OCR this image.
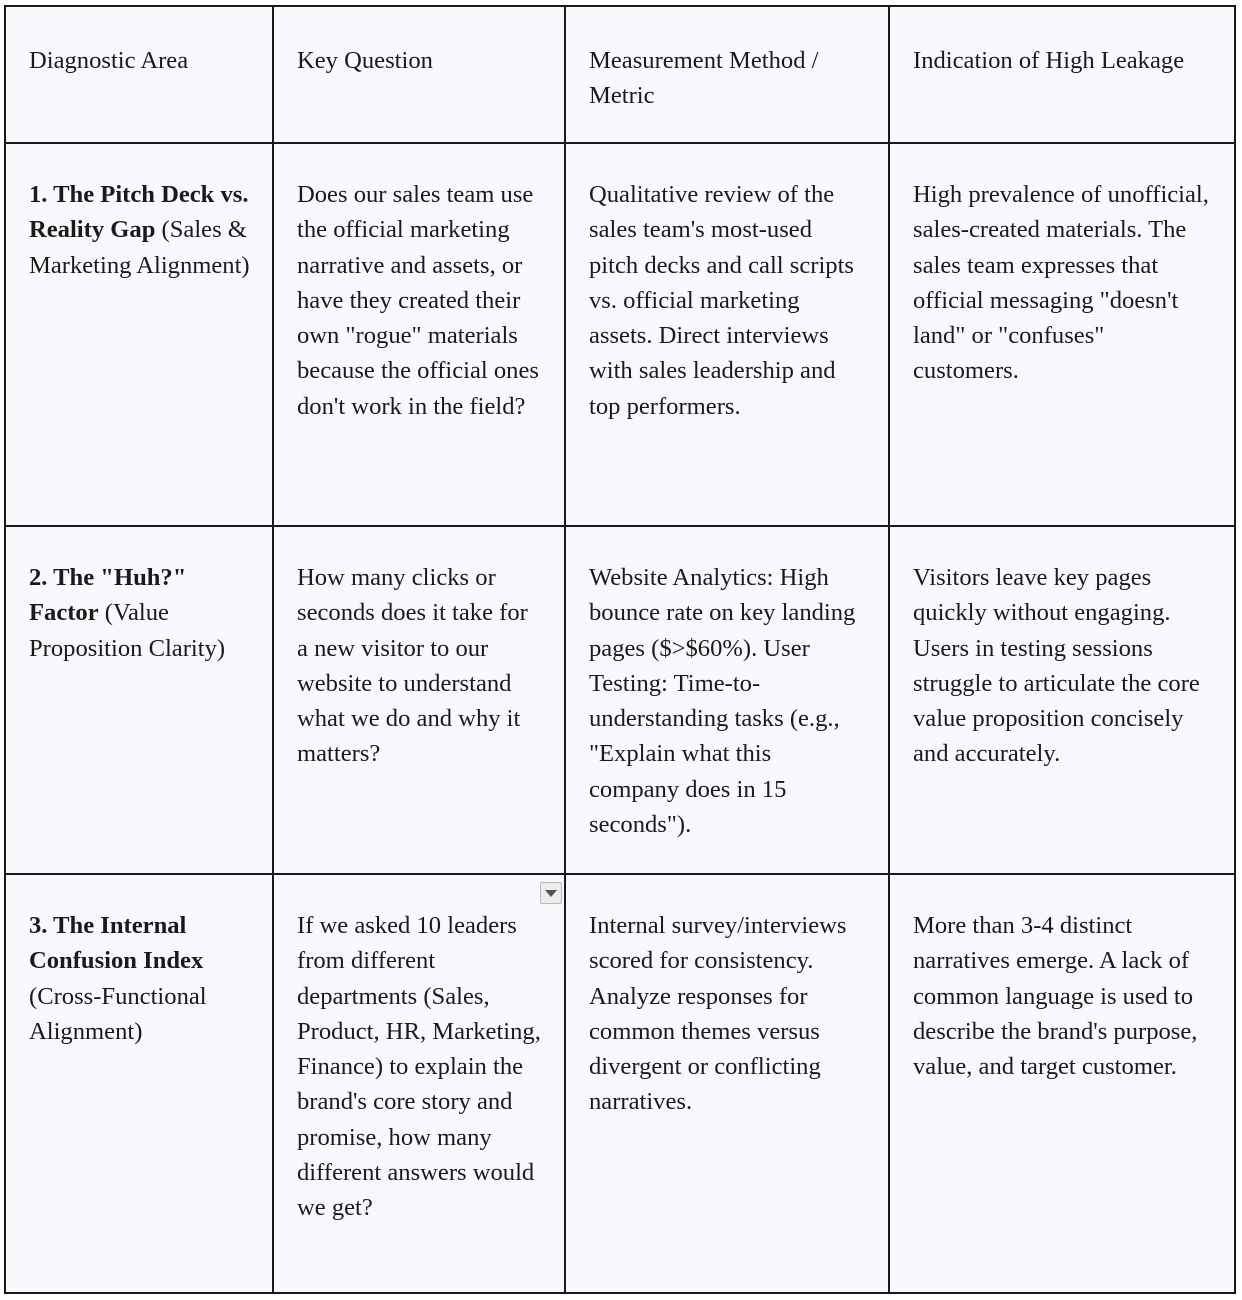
Diagnostic Area	Key Question	Measurement Method / Metric	Indication of High Leakage
1. The Pitch Deck vs. Reality Gap (Sales & Marketing Alignment)	Does our sales team use the official marketing narrative and assets, or have they created their own "rogue" materials because the official ones don't work in the field?	Qualitative review of the sales team's most-used pitch decks and call scripts vs. official marketing assets. Direct interviews with sales leadership and top performers.	High prevalence of unofficial, sales-created materials. The sales team expresses that official messaging "doesn't land" or "confuses" customers.
2. The "Huh?" Factor (Value Proposition Clarity)	How many clicks or seconds does it take for a new visitor to our website to understand what we do and why it matters?	Website Analytics: High bounce rate on key landing pages ($>$60%). User Testing: Time-to-understanding tasks (e.g., "Explain what this company does in 15 seconds").	Visitors leave key pages quickly without engaging. Users in testing sessions struggle to articulate the core value proposition concisely and accurately.
3. The Internal Confusion Index (Cross-Functional Alignment)	If we asked 10 leaders from different departments (Sales, Product, HR, Marketing, Finance) to explain the brand's core story and promise, how many different answers would we get?	Internal survey/interviews scored for consistency. Analyze responses for common themes versus divergent or conflicting narratives.	More than 3-4 distinct narratives emerge. A lack of common language is used to describe the brand's purpose, value, and target customer.
